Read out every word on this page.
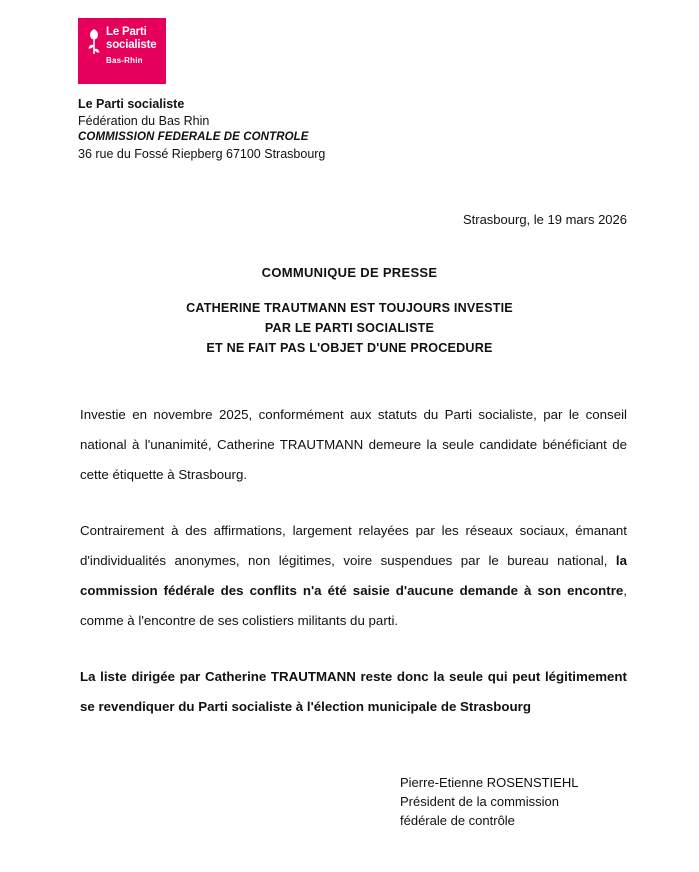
Le Parti
socialiste
Bas-Rhin
Le Parti socialiste
Fédération du Bas Rhin
COMMISSION FEDERALE DE CONTROLE
36 rue du Fossé Riepberg 67100 Strasbourg
Strasbourg, le 19 mars 2026
COMMUNIQUE DE PRESSE
CATHERINE TRAUTMANN EST TOUJOURS INVESTIE
PAR LE PARTI SOCIALISTE
ET NE FAIT PAS L'OBJET D'UNE PROCEDURE

Investie en novembre 2025, conformément aux statuts du Parti socialiste, par le conseil national à l'unanimité, Catherine TRAUTMANN demeure la seule candidate bénéficiant de cette étiquette à Strasbourg.

Contrairement à des affirmations, largement relayées par les réseaux sociaux, émanant d'individualités anonymes, non légitimes, voire suspendues par le bureau national, la commission fédérale des conflits n'a été saisie d'aucune demande à son encontre, comme à l'encontre de ses colistiers militants du parti.

La liste dirigée par Catherine TRAUTMANN reste donc la seule qui peut légitimement se revendiquer du Parti socialiste à l'élection municipale de Strasbourg

Pierre-Etienne ROSENSTIEHL
Président de la commission
fédérale de contrôle
